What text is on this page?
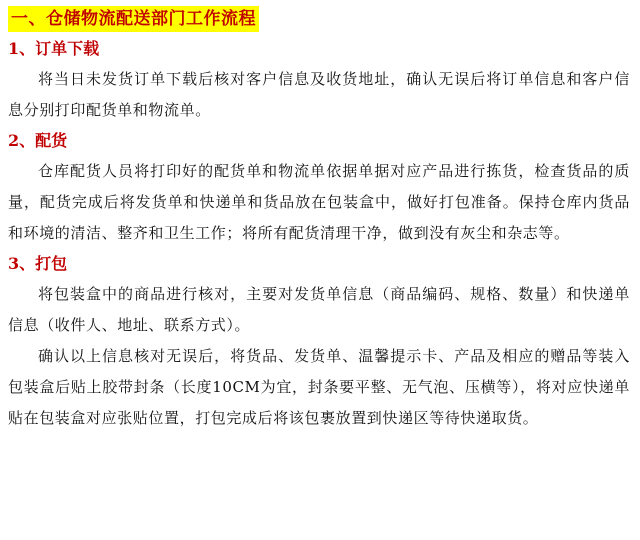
一、仓储物流配送部门工作流程

1、订单下载

将当日未发货订单下载后核对客户信息及收货地址，确认无误后将订单信息和客户信息分别打印配货单和物流单。

2、配货

仓库配货人员将打印好的配货单和物流单依据单据对应产品进行拣货，检查货品的质量，配货完成后将发货单和快递单和货品放在包装盒中，做好打包准备。保持仓库内货品和环境的清洁、整齐和卫生工作；将所有配货清理干净，做到没有灰尘和杂志等。

3、打包

将包装盒中的商品进行核对，主要对发货单信息（商品编码、规格、数量）和快递单信息（收件人、地址、联系方式）。

确认以上信息核对无误后，将货品、发货单、温馨提示卡、产品及相应的赠品等装入包装盒后贴上胶带封条（长度10CM为宜，封条要平整、无气泡、压横等），将对应快递单贴在包装盒对应张贴位置，打包完成后将该包裹放置到快递区等待快递取货。
